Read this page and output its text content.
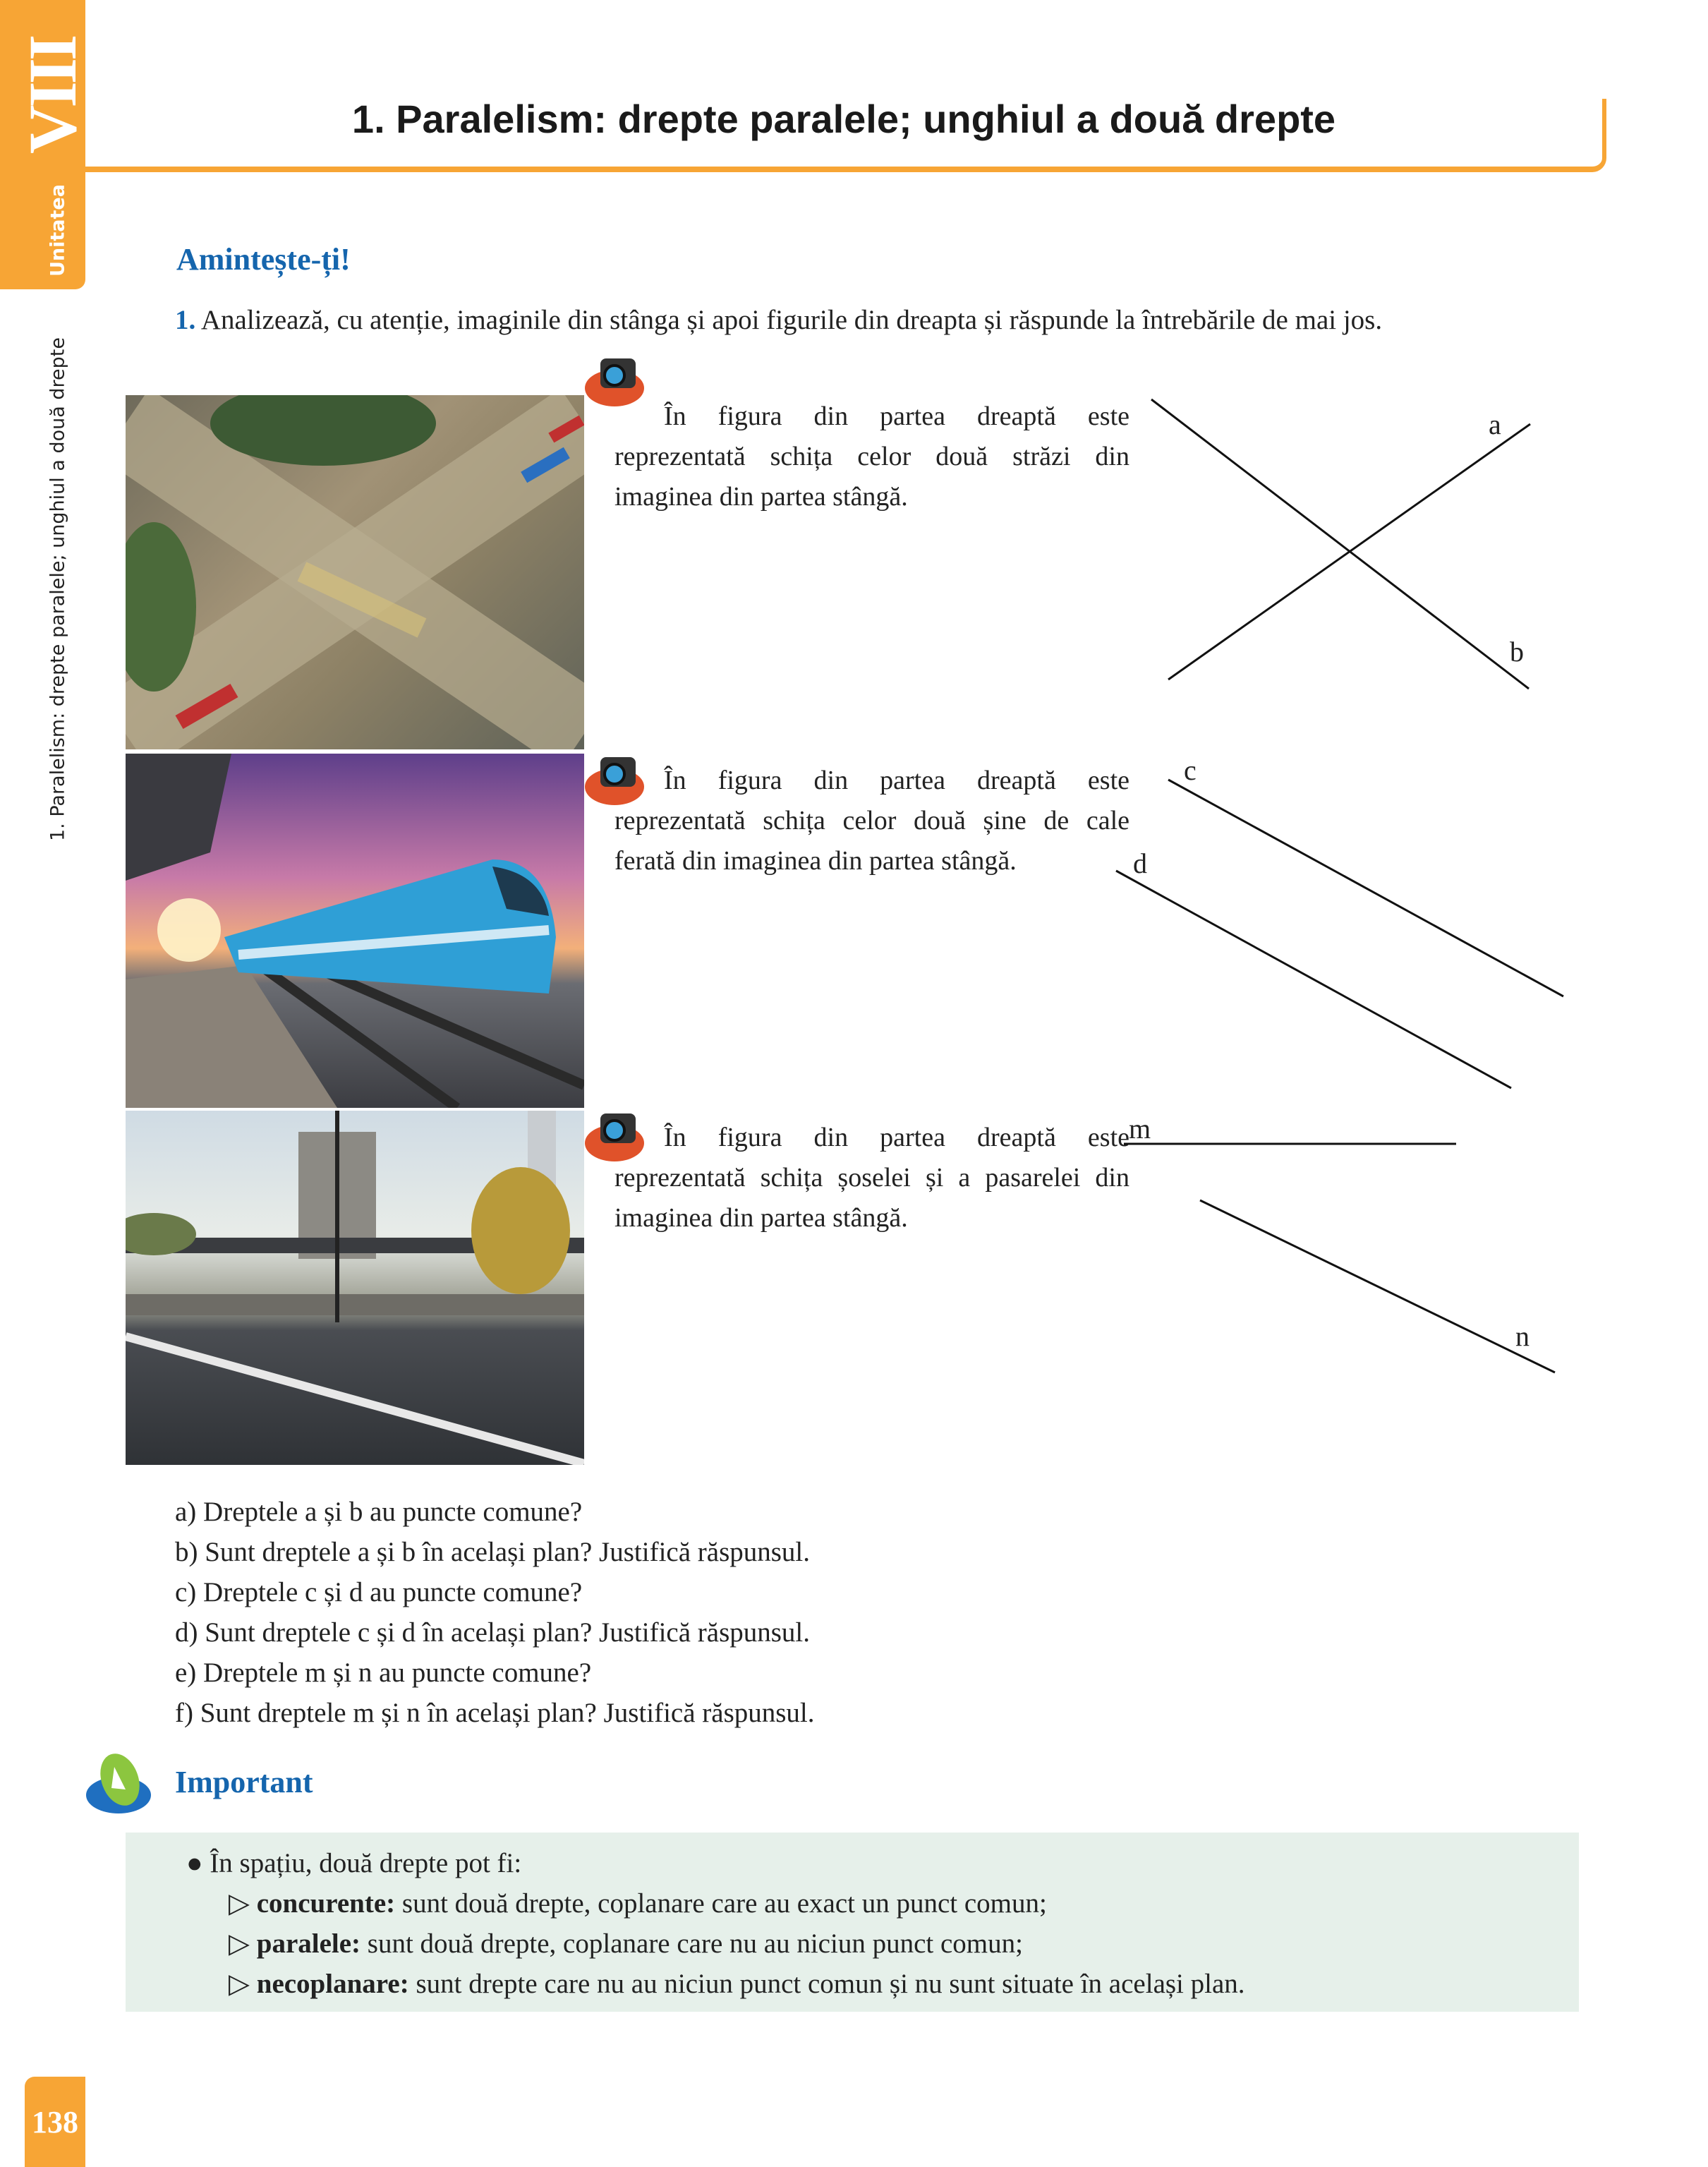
VIII
Unitatea
1. Paralelism: drepte paralele; unghiul a două drepte
1. Paralelism: drepte paralele; unghiul a două drepte
Amintește-ți!
1. Analizează, cu atenție, imaginile din stânga și apoi figurile din dreapta și răspunde la întrebările de mai jos.
În figura din partea dreaptă este reprezentată schița celor două străzi din imaginea din partea stângă.
În figura din partea dreaptă este reprezentată schița celor două șine de cale ferată din imaginea din partea stângă.
În figura din partea dreaptă este reprezentată schița șoselei și a pasarelei din imaginea din partea stângă.
a
b
c
d
m
n
a) Dreptele a și b au puncte comune?
b) Sunt dreptele a și b în același plan? Justifică răspunsul.
c) Dreptele c și d au puncte comune?
d) Sunt dreptele c și d în același plan? Justifică răspunsul.
e) Dreptele m și n au puncte comune?
f) Sunt dreptele m și n în același plan? Justifică răspunsul.
Important
● În spațiu, două drepte pot fi:
▷ concurente: sunt două drepte, coplanare care au exact un punct comun;
▷ paralele: sunt două drepte, coplanare care nu au niciun punct comun;
▷ necoplanare: sunt drepte care nu au niciun punct comun și nu sunt situate în același plan.
138
